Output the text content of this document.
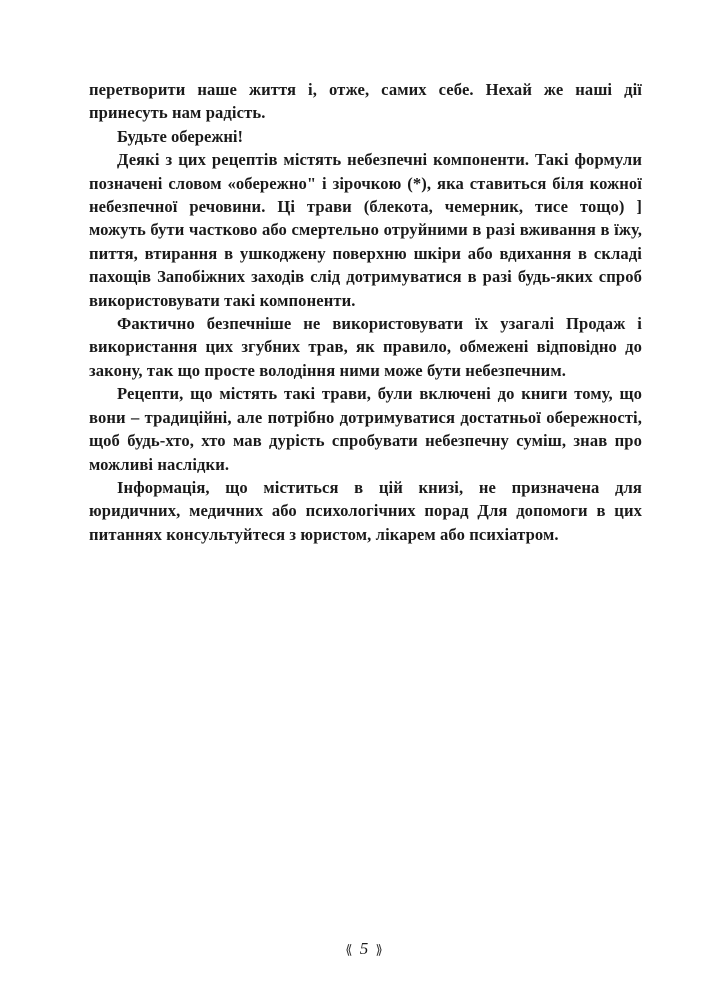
перетворити наше життя і, отже, самих себе. Нехай же наші дії принесуть нам радість.

Будьте обережні!

Деякі з цих рецептів містять небезпечні компоненти. Такі формули позначені словом «обережно" і зірочкою (*), яка ставиться біля кожної небезпечної речовини. Ці трави (блекота, чемерник, тисе тощо) ] можуть бути частково або смертельно отруйними в разі вживання в їжу, пиття, втирання в ушкоджену поверхню шкіри або вдихання в складі пахощів Запобіжних заходів слід дотримуватися в разі будь-яких спроб використовувати такі компоненти.

Фактично безпечніше не використовувати їх узагалі Продаж і використання цих згубних трав, як правило, обмежені відповідно до закону, так що просте володіння ними може бути небезпечним.

Рецепти, що містять такі трави, були включені до книги тому, що вони – традиційні, але потрібно дотримуватися достатньої обережності, щоб будь-хто, хто мав дурість спробувати небезпечну суміш, знав про можливі наслідки.

Інформація, що міститься в цій книзі, не призначена для юридичних, медичних або психологічних порад Для допомоги в цих питаннях консультуйтеся з юристом, лікарем або психіатром.

⟪ 5 ⟫
